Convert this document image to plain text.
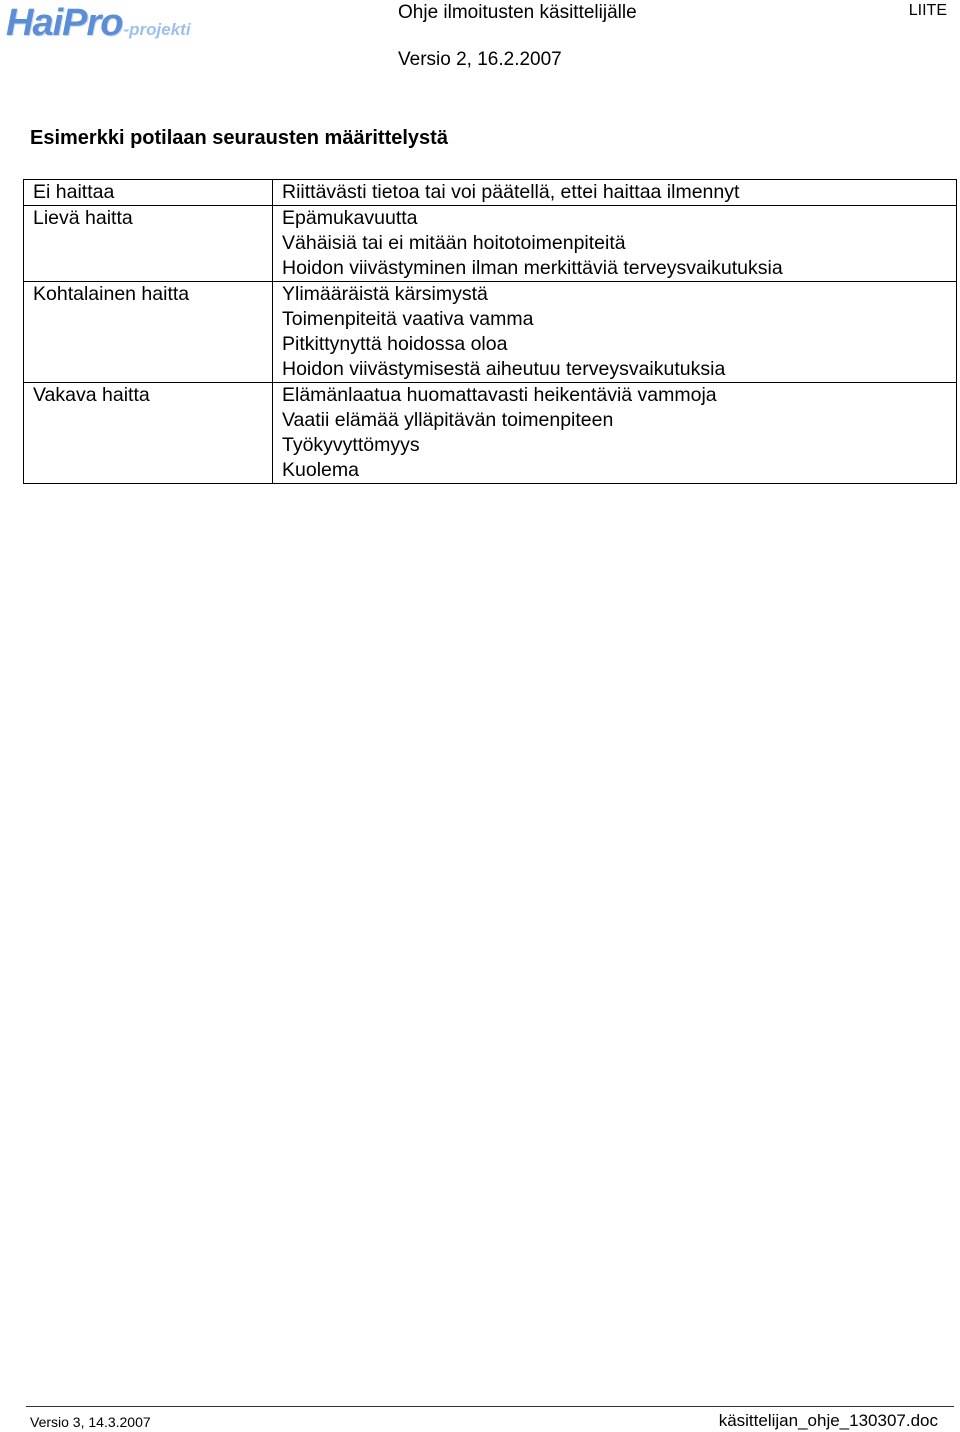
HaiPro-projekti
Ohje ilmoitusten käsittelijälle
Versio 2, 16.2.2007
LIITE
Esimerkki potilaan seurausten määrittelystä
Ei haittaa	Riittävästi tietoa tai voi päätellä, ettei haittaa ilmennyt

Lievä haitta	Epämukavuutta
Vähäisiä tai ei mitään hoitotoimenpiteitä
Hoidon viivästyminen ilman merkittäviä terveysvaikutuksia

Kohtalainen haitta	Ylimääräistä kärsimystä
Toimenpiteitä vaativa vamma
Pitkittynyttä hoidossa oloa
Hoidon viivästymisestä aiheutuu terveysvaikutuksia

Vakava haitta	Elämänlaatua huomattavasti heikentäviä vammoja
Vaatii elämää ylläpitävän toimenpiteen
Työkyvyttömyys
Kuolema
Versio 3, 14.3.2007	käsittelijan_ohje_130307.doc
